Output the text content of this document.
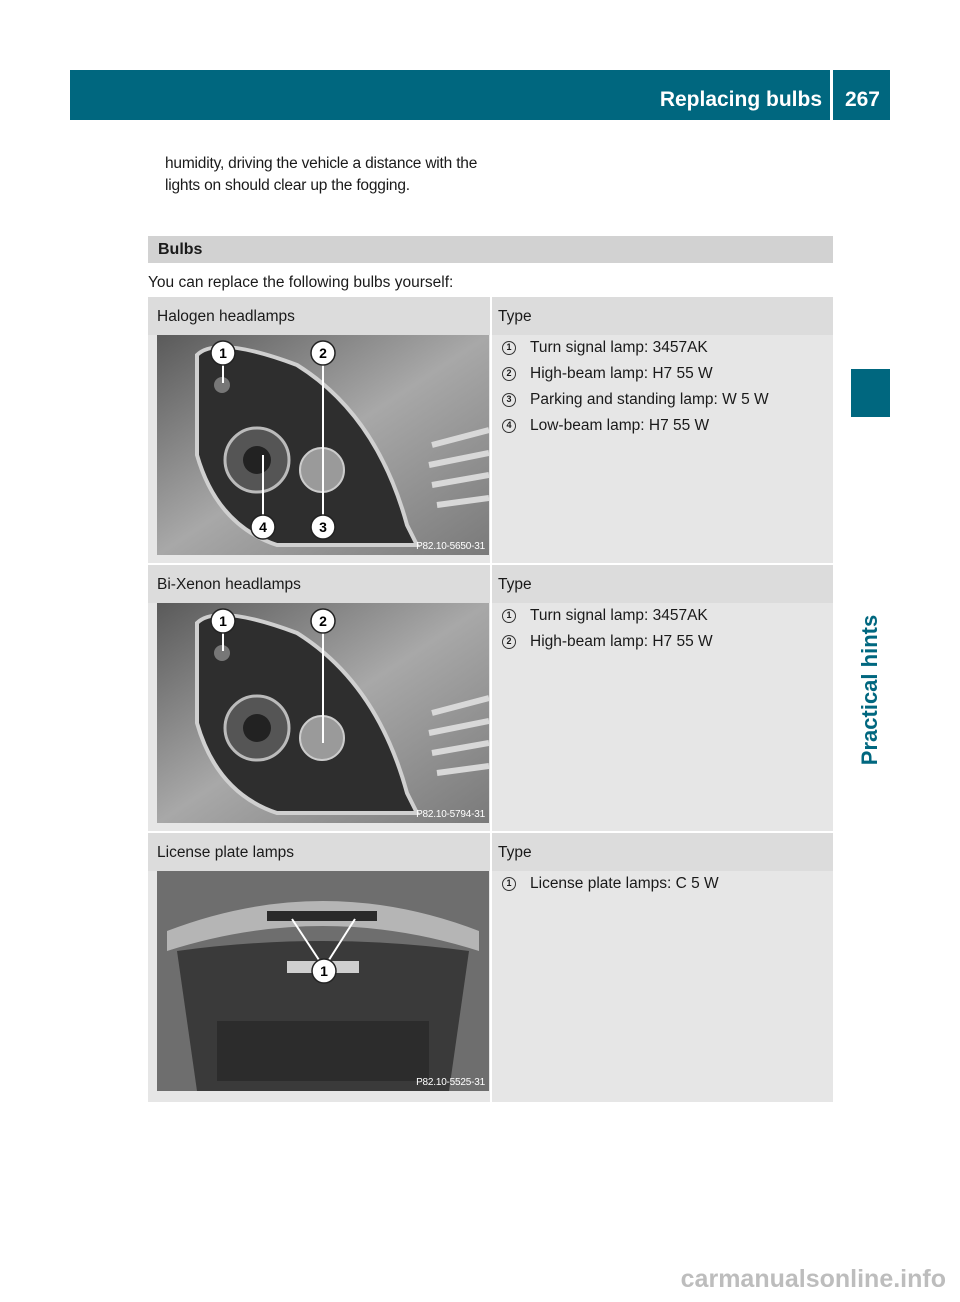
Replacing bulbs 267
Practical hints
humidity, driving the vehicle a distance with the lights on should clear up the fogging.
Bulbs
You can replace the following bulbs yourself:
Halogen headlamps	Type
1	2
4	3
P82.10-5650-31
1 Turn signal lamp: 3457AK
2 High-beam lamp: H7 55 W
3 Parking and standing lamp: W 5 W
4 Low-beam lamp: H7 55 W
Bi-Xenon headlamps	Type
1	2
P82.10-5794-31
1 Turn signal lamp: 3457AK
2 High-beam lamp: H7 55 W
License plate lamps	Type
1
P82.10-5525-31
1 License plate lamps: C 5 W
carmanualsonline.info
